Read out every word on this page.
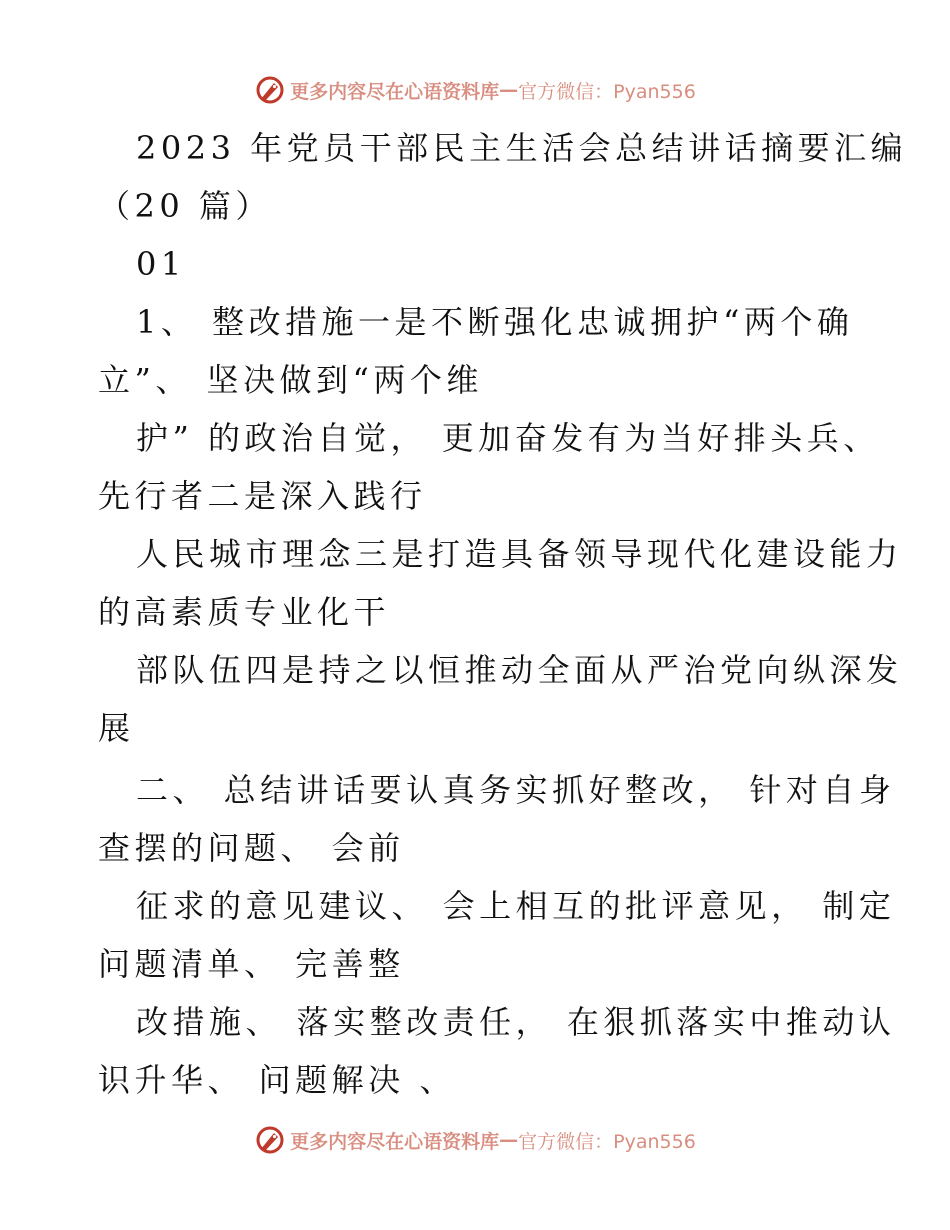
更多内容尽在心语资料库 — 官方微信：Pyan556
2023 年党员干部民主生活会总结讲话摘要汇编
（20 篇）
01
1、 整改措施一是不断强化忠诚拥护“两个确
立”、 坚决做到“两个维
护” 的政治自觉， 更加奋发有为当好排头兵、
先行者二是深入践行
人民城市理念三是打造具备领导现代化建设能力
的高素质专业化干
部队伍四是持之以恒推动全面从严治党向纵深发
展
二、 总结讲话要认真务实抓好整改， 针对自身
查摆的问题、 会前
征求的意见建议、 会上相互的批评意见， 制定
问题清单、 完善整
改措施、 落实整改责任， 在狠抓落实中推动认
识升华、 问题解决 、
更多内容尽在心语资料库 — 官方微信：Pyan556
